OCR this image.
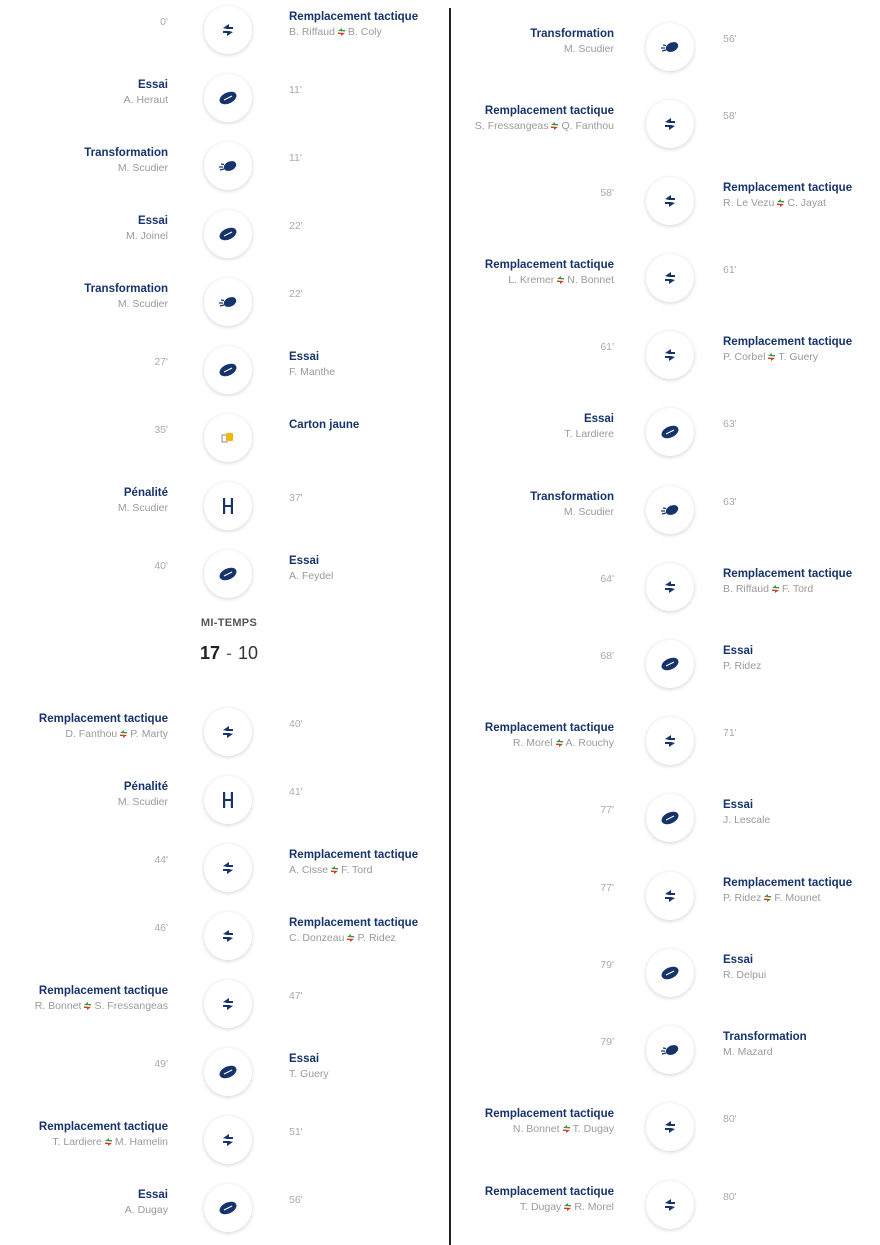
Remplacement tactique
B. Riffaud B. Coly
0'
Essai
A. Heraut
11'
Transformation
M. Scudier
11'
Essai
M. Joinel
22'
Transformation
M. Scudier
22'
Essai
F. Manthe
27'
Carton jaune
35'
Pénalité
M. Scudier
37'
Essai
A. Feydel
40'
Remplacement tactique
D. Fanthou P. Marty
40'
Pénalité
M. Scudier
41'
Remplacement tactique
A. Cisse F. Tord
44'
Remplacement tactique
C. Donzeau P. Ridez
46'
Remplacement tactique
R. Bonnet S. Fressangeas
47'
Essai
T. Guery
49'
Remplacement tactique
T. Lardiere M. Hamelin
51'
Essai
A. Dugay
56'
Transformation
M. Scudier
56'
Remplacement tactique
S. Fressangeas Q. Fanthou
58'
Remplacement tactique
R. Le Vezu C. Jayat
58'
Remplacement tactique
L. Kremer N. Bonnet
61'
Remplacement tactique
P. Corbel T. Guery
61'
Essai
T. Lardiere
63'
Transformation
M. Scudier
63'
Remplacement tactique
B. Riffaud F. Tord
64'
Essai
P. Ridez
68'
Remplacement tactique
R. Morel A. Rouchy
71'
Essai
J. Lescale
77'
Remplacement tactique
P. Ridez F. Mounet
77'
Essai
R. Delpui
79'
Transformation
M. Mazard
79'
Remplacement tactique
N. Bonnet T. Dugay
80'
Remplacement tactique
T. Dugay R. Morel
80'
MI-TEMPS
17 - 10
